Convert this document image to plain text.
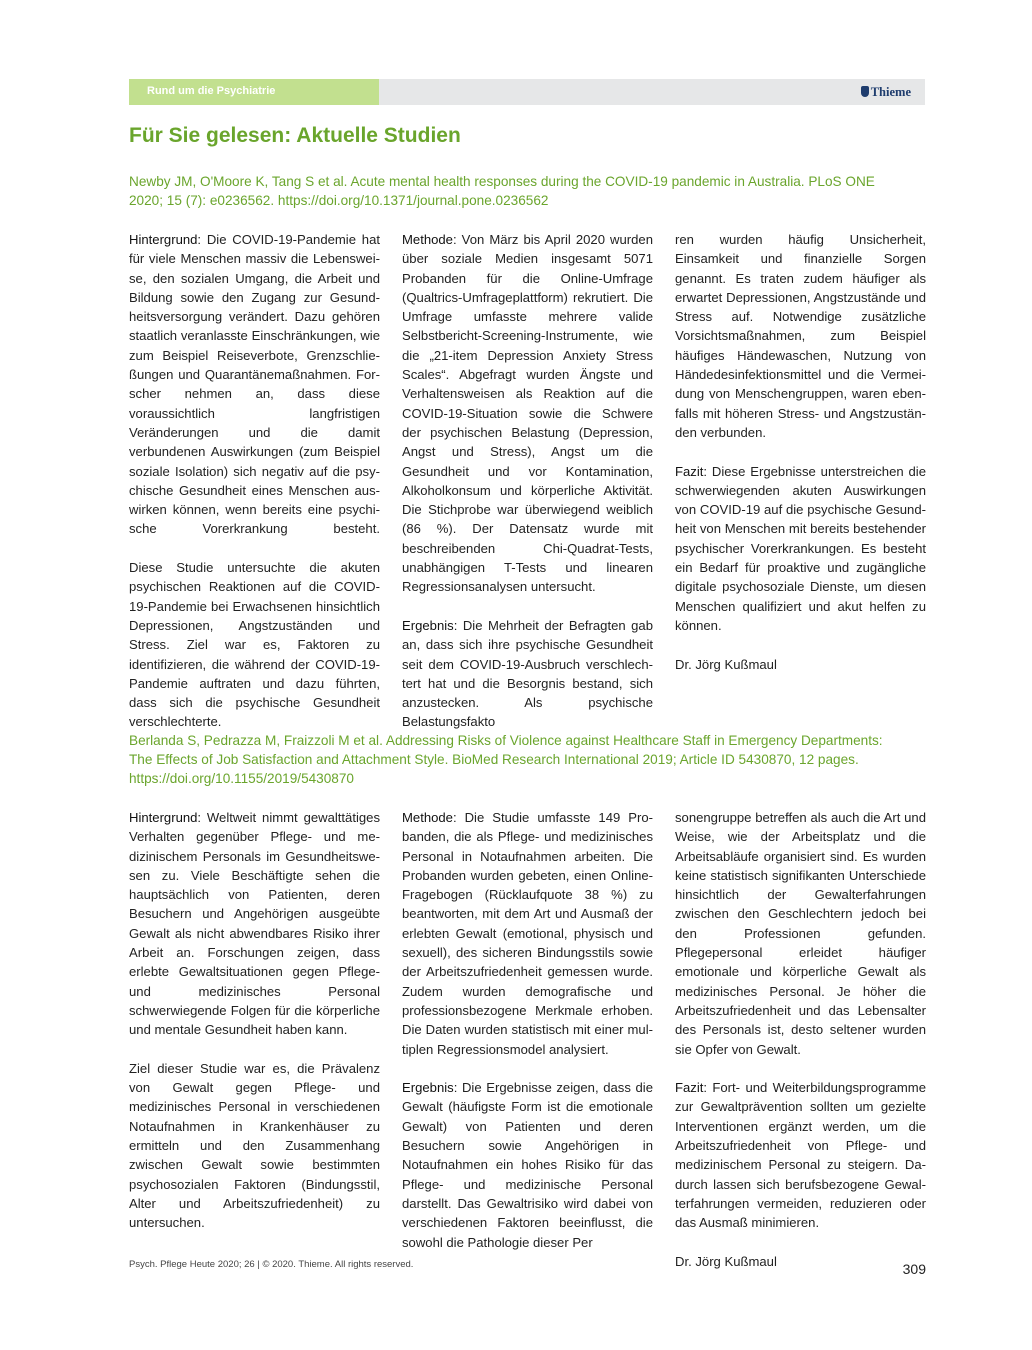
Rund um die Psychiatrie	Thieme
Für Sie gelesen: Aktuelle Studien
Newby JM, O'Moore K, Tang S et al. Acute mental health responses during the COVID-19 pandemic in Australia. PLoS ONE
2020; 15 (7): e0236562. https://doi.org/10.1371/journal.pone.0236562

Hintergrund: Die COVID-19-Pandemie hat für viele Menschen massiv die Lebensweise, den sozialen Umgang, die Arbeit und Bildung sowie den Zugang zur Gesundheitsversorgung verändert. Dazu gehören staatlich veranlasste Einschränkungen, wie zum Beispiel Reiseverbote, Grenzschließungen und Quarantänemaßnahmen. Forscher nehmen an, dass diese voraussichtlich langfristigen Veränderungen und die damit verbundenen Auswirkungen (zum Beispiel soziale Isolation) sich negativ auf die psychische Gesundheit eines Menschen auswirken können, wenn bereits eine psychische Vorerkrankung besteht.

Diese Studie untersuchte die akuten psychischen Reaktionen auf die COVID-19-Pandemie bei Erwachsenen hinsichtlich Depressionen, Angstzuständen und Stress. Ziel war es, Faktoren zu identifizieren, die während der COVID-19-Pandemie auftraten und dazu führten, dass sich die psychische Gesundheit verschlechterte.

Methode: Von März bis April 2020 wurden über soziale Medien insgesamt 5071 Probanden für die Online-Umfrage (Qualtrics-Umfrageplattform) rekrutiert. Die Umfrage umfasste mehrere valide Selbstbericht-Screening-Instrumente, wie die „21-item Depression Anxiety Stress Scales“. Abgefragt wurden Ängste und Verhaltensweisen als Reaktion auf die COVID-19-Situation sowie die Schwere der psychischen Belastung (Depression, Angst und Stress), Angst um die Gesundheit und vor Kontamination, Alkoholkonsum und körperliche Aktivität. Die Stichprobe war überwiegend weiblich (86 %). Der Datensatz wurde mit beschreibenden Chi-Quadrat-Tests, unabhängigen T-Tests und linearen Regressionsanalysen untersucht.

Ergebnis: Die Mehrheit der Befragten gab an, dass sich ihre psychische Gesundheit seit dem COVID-19-Ausbruch verschlechtert hat und die Besorgnis bestand, sich anzustecken. Als psychische Belastungsfakto

ren wurden häufig Unsicherheit, Einsamkeit und finanzielle Sorgen genannt. Es traten zudem häufiger als erwartet Depressionen, Angstzustände und Stress auf. Notwendige zusätzliche Vorsichtsmaßnahmen, zum Beispiel häufiges Händewaschen, Nutzung von Händedesinfektionsmittel und die Vermeidung von Menschengruppen, waren ebenfalls mit höheren Stress- und Angstzuständen verbunden.

Fazit: Diese Ergebnisse unterstreichen die schwerwiegenden akuten Auswirkungen von COVID-19 auf die psychische Gesundheit von Menschen mit bereits bestehender psychischer Vorerkrankungen. Es besteht ein Bedarf für proaktive und zugängliche digitale psychosoziale Dienste, um diesen Menschen qualifiziert und akut helfen zu können.

Dr. Jörg Kußmaul

Berlanda S, Pedrazza M, Fraizzoli M et al. Addressing Risks of Violence against Healthcare Staff in Emergency Departments:
The Effects of Job Satisfaction and Attachment Style. BioMed Research International 2019; Article ID 5430870, 12 pages.
https://doi.org/10.1155/2019/5430870

Hintergrund: Weltweit nimmt gewalttätiges Verhalten gegenüber Pflege- und medizinischem Personals im Gesundheitswesen zu. Viele Beschäftigte sehen die hauptsächlich von Patienten, deren Besuchern und Angehörigen ausgeübte Gewalt als nicht abwendbares Risiko ihrer Arbeit an. Forschungen zeigen, dass erlebte Gewaltsituationen gegen Pflege- und medizinisches Personal schwerwiegende Folgen für die körperliche und mentale Gesundheit haben kann.

Ziel dieser Studie war es, die Prävalenz von Gewalt gegen Pflege- und medizinisches Personal in verschiedenen Notaufnahmen in Krankenhäuser zu ermitteln und den Zusammenhang zwischen Gewalt sowie bestimmten psychosozialen Faktoren (Bindungsstil, Alter und Arbeitszufriedenheit) zu untersuchen.

Methode: Die Studie umfasste 149 Probanden, die als Pflege- und medizinisches Personal in Notaufnahmen arbeiten. Die Probanden wurden gebeten, einen Online-Fragebogen (Rücklaufquote 38 %) zu beantworten, mit dem Art und Ausmaß der erlebten Gewalt (emotional, physisch und sexuell), des sicheren Bindungsstils sowie der Arbeitszufriedenheit gemessen wurde. Zudem wurden demografische und professionsbezogene Merkmale erhoben. Die Daten wurden statistisch mit einer multiplen Regressionsmodel analysiert.

Ergebnis: Die Ergebnisse zeigen, dass die Gewalt (häufigste Form ist die emotionale Gewalt) von Patienten und deren Besuchern sowie Angehörigen in Notaufnahmen ein hohes Risiko für das Pflege- und medizinische Personal darstellt. Das Gewaltrisiko wird dabei von verschiedenen Faktoren beeinflusst, die sowohl die Pathologie dieser Per

sonengruppe betreffen als auch die Art und Weise, wie der Arbeitsplatz und die Arbeitsabläufe organisiert sind. Es wurden keine statistisch signifikanten Unterschiede hinsichtlich der Gewalterfahrungen zwischen den Geschlechtern jedoch bei den Professionen gefunden. Pflegepersonal erleidet häufiger emotionale und körperliche Gewalt als medizinisches Personal. Je höher die Arbeitszufriedenheit und das Lebensalter des Personals ist, desto seltener wurden sie Opfer von Gewalt.

Fazit: Fort- und Weiterbildungsprogramme zur Gewaltprävention sollten um gezielte Interventionen ergänzt werden, um die Arbeitszufriedenheit von Pflege- und medizinischem Personal zu steigern. Dadurch lassen sich berufsbezogene Gewalterfahrungen vermeiden, reduzieren oder das Ausmaß minimieren.

Dr. Jörg Kußmaul

Psych. Pflege Heute 2020; 26 | © 2020. Thieme. All rights reserved.	309
